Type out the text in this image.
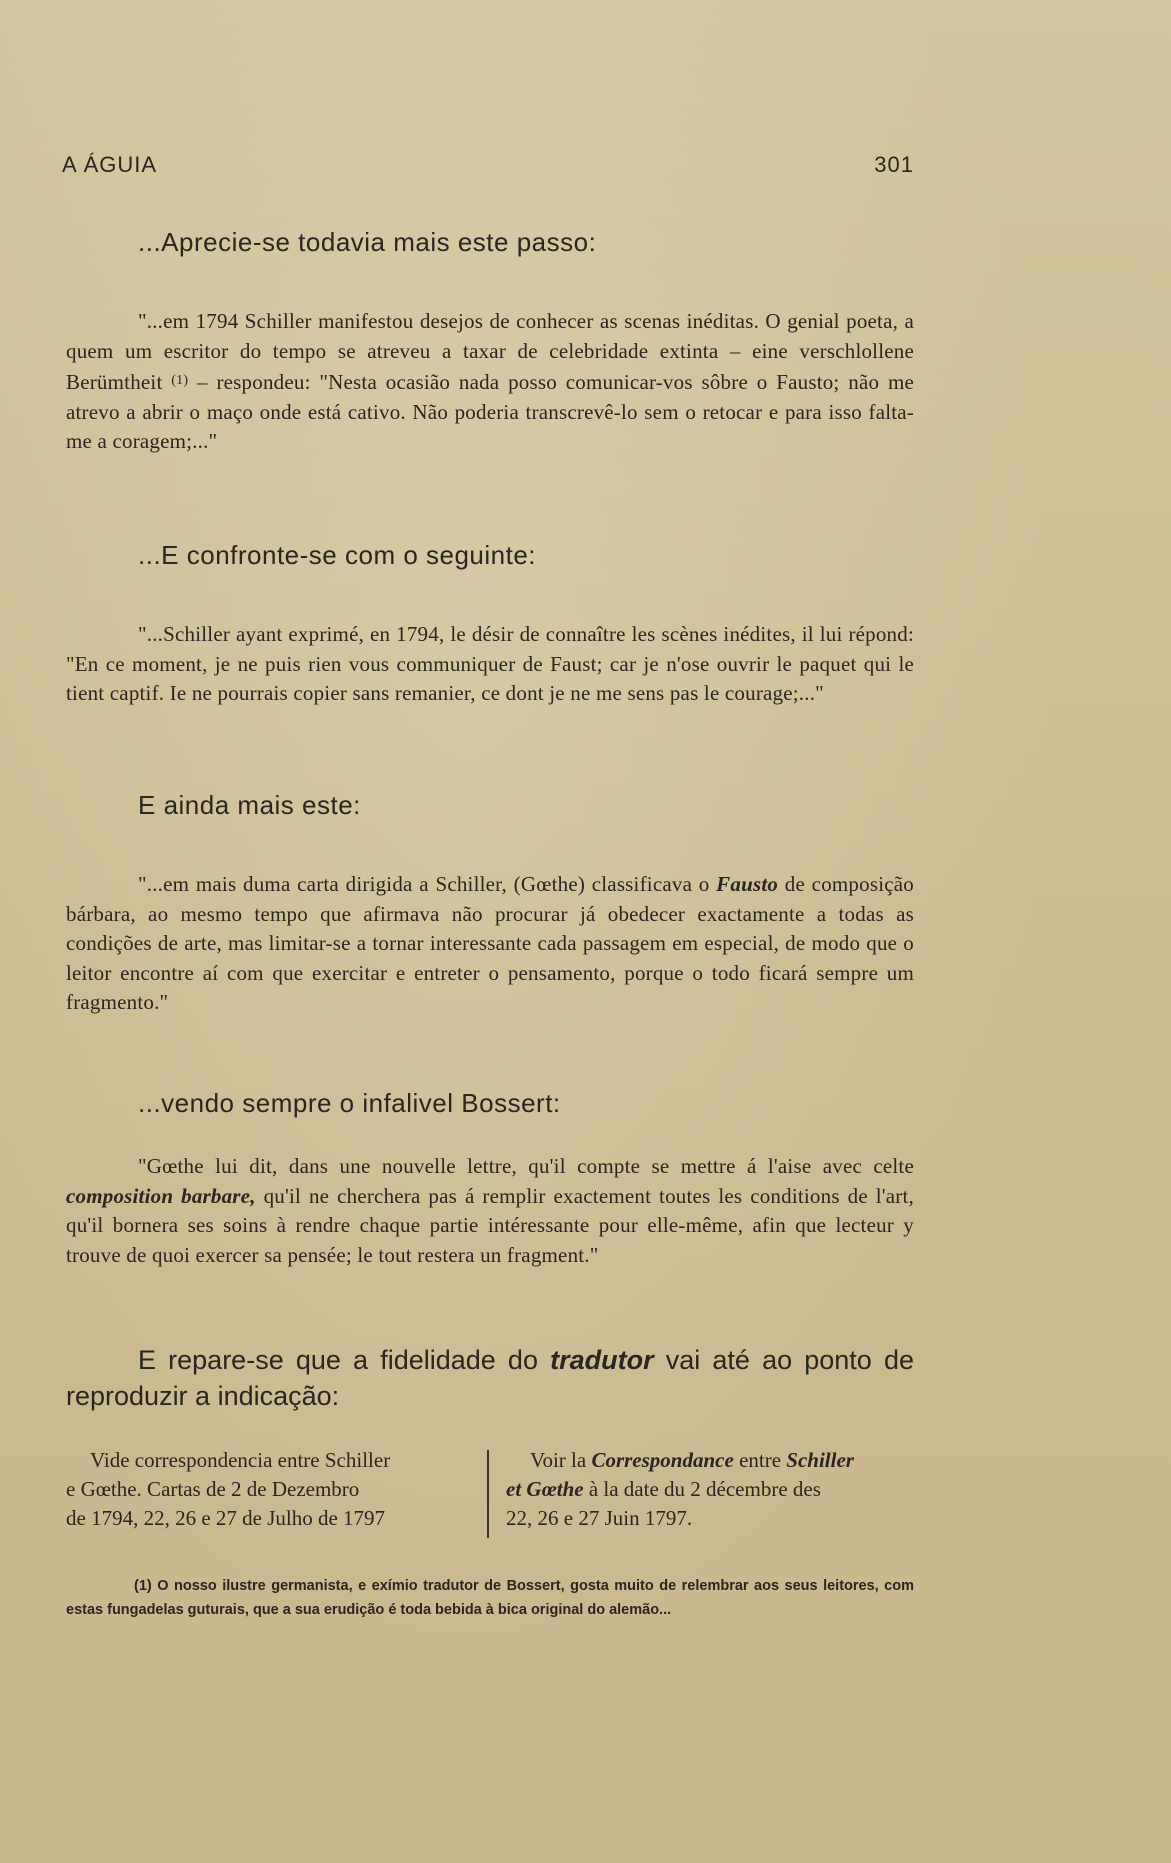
A ÁGUIA	301
...Aprecie-se todavia mais este passo:
"...em 1794 Schiller manifestou desejos de conhecer as scenas inéditas. O genial poeta, a quem um escritor do tempo se atreveu a taxar de celebridade extinta – eine verschlollene Berümtheit $^{(1)}$ – respondeu: "Nesta ocasião nada posso comunicar-vos sôbre o Fausto; não me atrevo a abrir o maço onde está cativo. Não poderia transcrevê-lo sem o retocar e para isso falta-me a coragem;..."
...E confronte-se com o seguinte:
"...Schiller ayant exprimé, en 1794, le désir de connaître les scènes inédites, il lui répond: "En ce moment, je ne puis rien vous communiquer de Faust; car je n'ose ouvrir le paquet qui le tient captif. Ie ne pourrais copier sans remanier, ce dont je ne me sens pas le courage;..."
E ainda mais este:
"...em mais duma carta dirigida a Schiller, (Gœthe) classificava o Fausto de composição bárbara, ao mesmo tempo que afirmava não procurar já obedecer exactamente a todas as condições de arte, mas limitar-se a tornar interessante cada passagem em especial, de modo que o leitor encontre aí com que exercitar e entreter o pensamento, porque o todo ficará sempre um fragmento."
...vendo sempre o infalivel Bossert:
"Gœthe lui dit, dans une nouvelle lettre, qu'il compte se mettre á l'aise avec celte composition barbare, qu'il ne cherchera pas á remplir exactement toutes les conditions de l'art, qu'il bornera ses soins à rendre chaque partie intéressante pour elle-même, afin que lecteur y trouve de quoi exercer sa pensée; le tout restera un fragment."
E repare-se que a fidelidade do tradutor vai até ao ponto de reproduzir a indicação:
Vide correspondencia entre Schiller
e Gœthe. Cartas de 2 de Dezembro
de 1794, 22, 26 e 27 de Julho de 1797
Voir la Correspondance entre Schiller
et Gœthe à la date du 2 décembre des
22, 26 e 27 Juin 1797.
(1) O nosso ilustre germanista, e exímio tradutor de Bossert, gosta muito de relembrar aos seus leitores, com estas fungadelas guturais, que a sua erudição é toda bebida à bica original do alemão...
